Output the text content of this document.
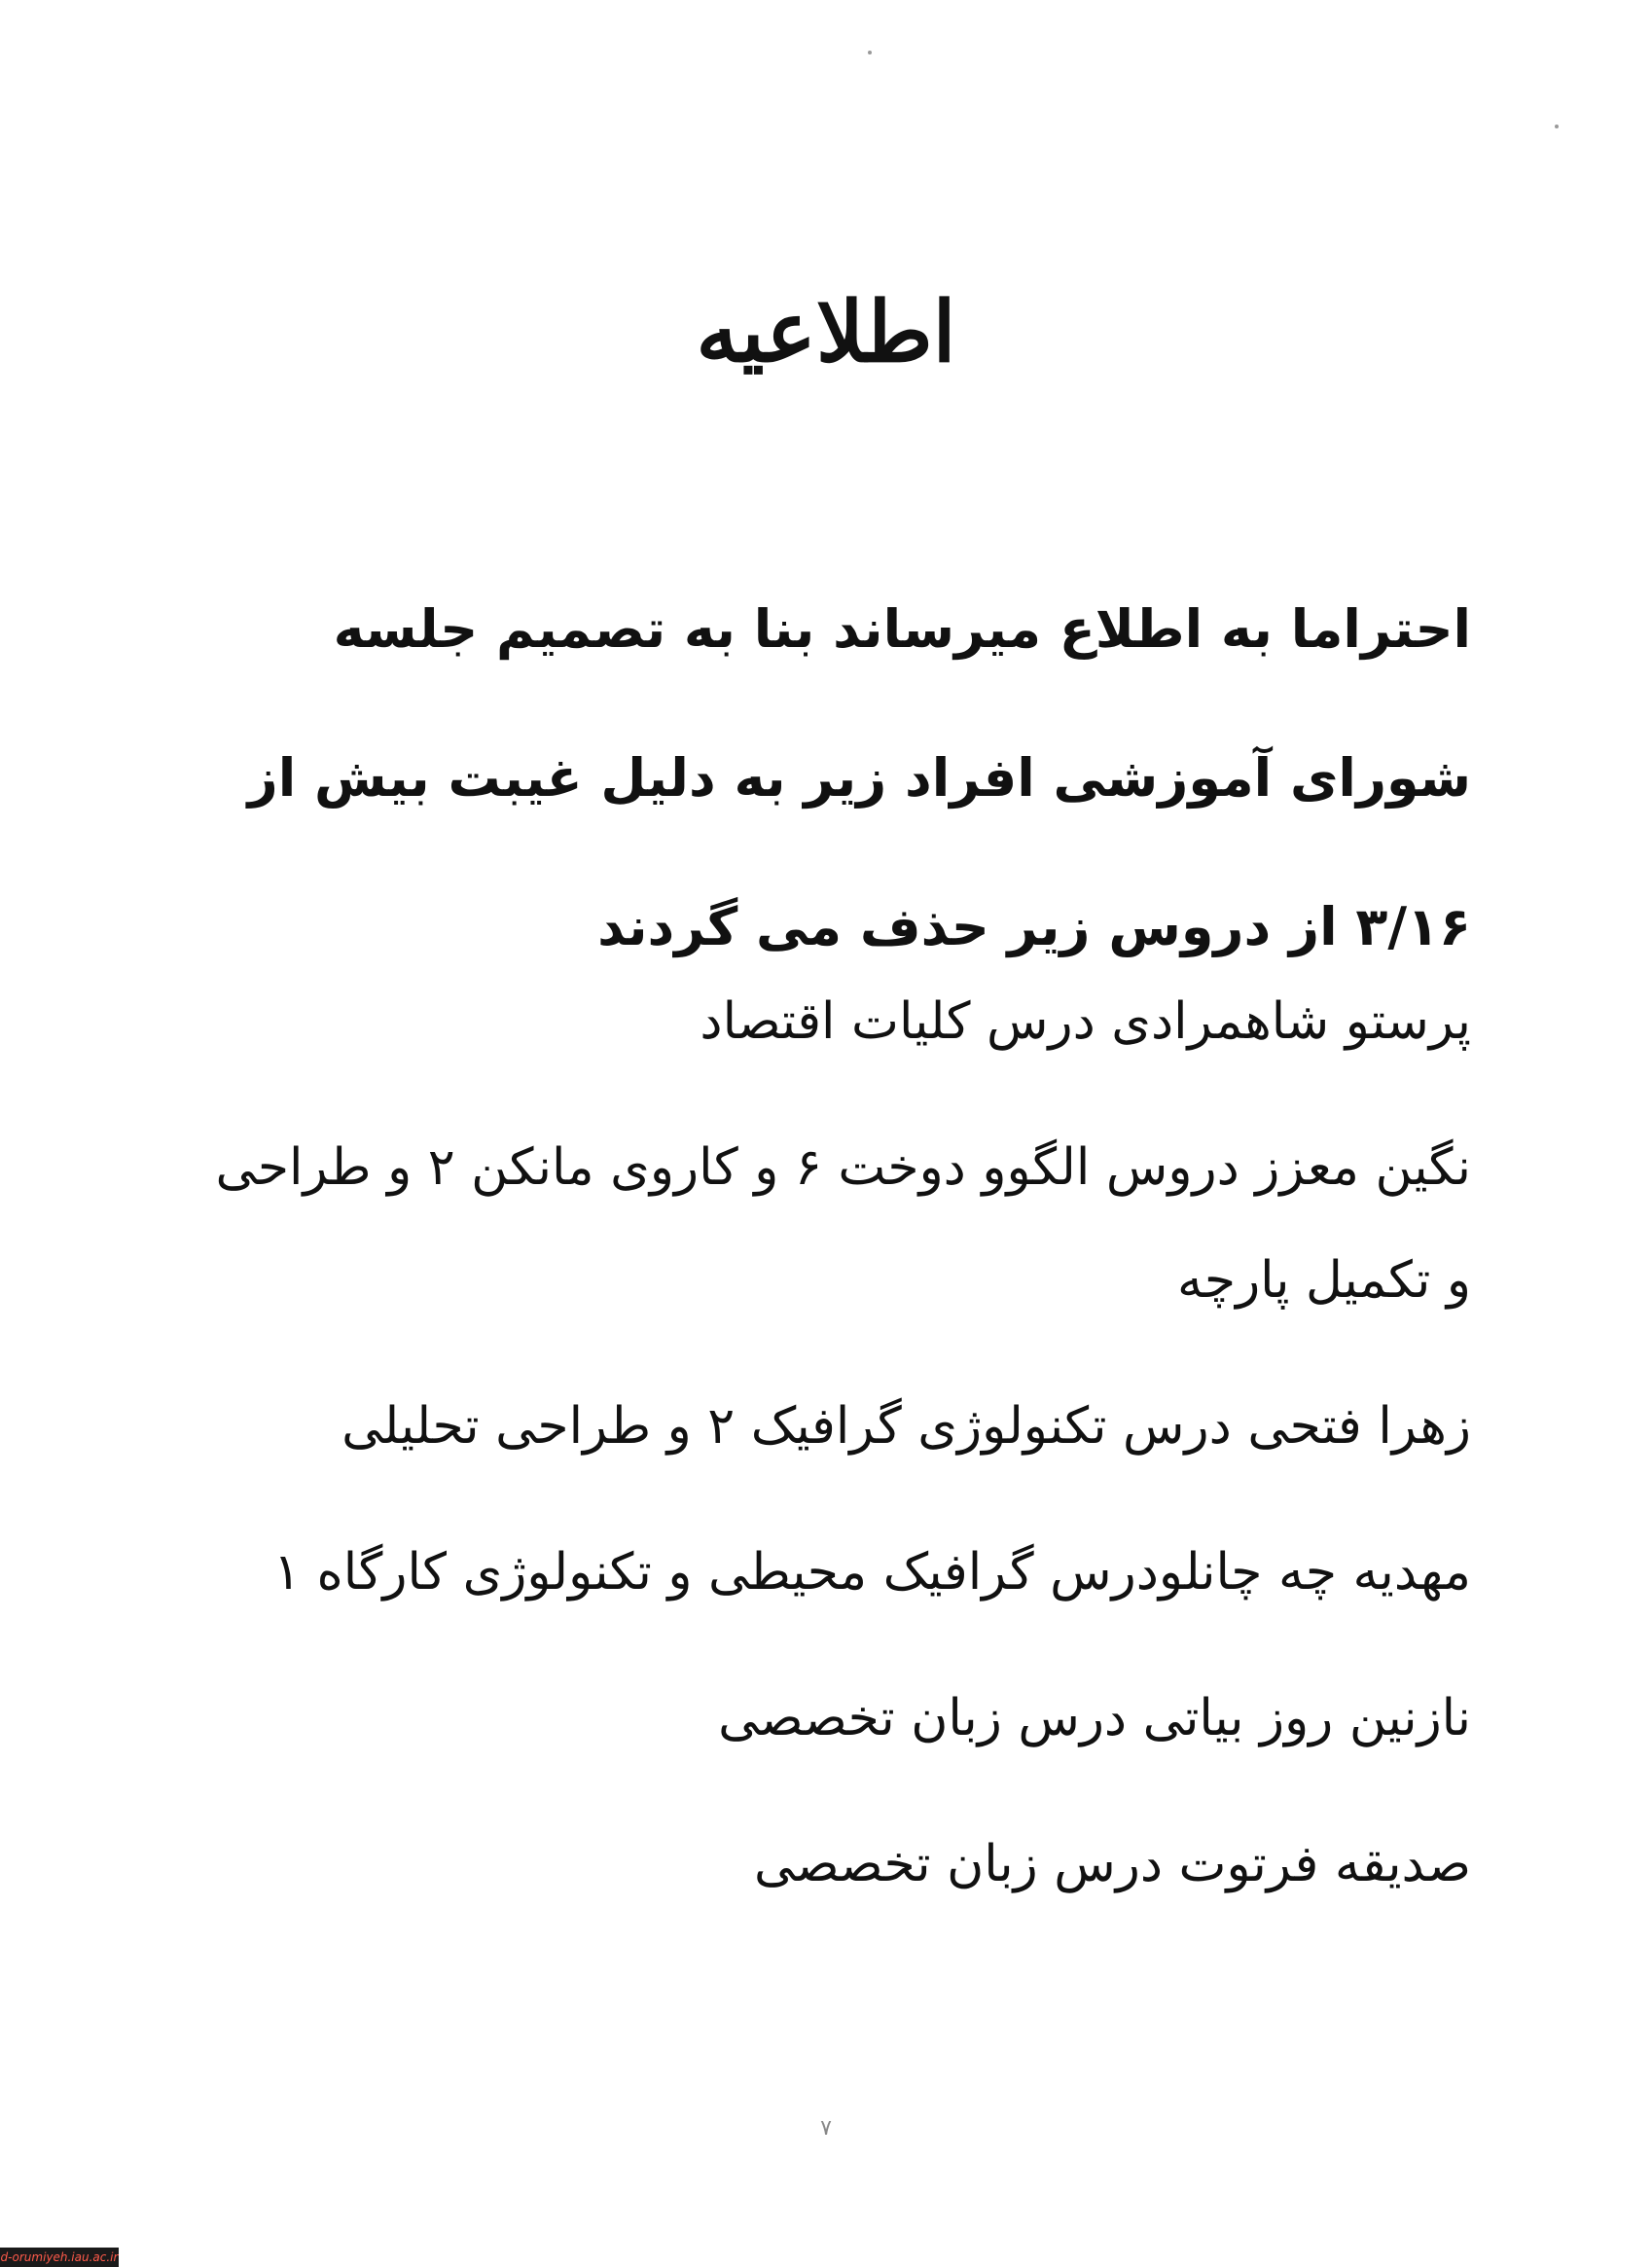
اطلاعیه

احتراما به اطلاع میرساند بنا به تصمیم جلسه شورای آموزشی افراد زیر به دلیل غیبت بیش از ۳/۱۶ از دروس زیر حذف می گردند

پرستو شاهمرادی درس کلیات اقتصاد

نگین معزز دروس الگوو دوخت ۶ و کاروی مانکن ۲ و طراحی و تکمیل پارچه

زهرا فتحی درس تکنولوژی گرافیک ۲ و طراحی تحلیلی

مهدیه چه چانلودرس گرافیک محیطی و تکنولوژی کارگاه ۱

نازنین روز بیاتی درس زبان تخصصی

صدیقه فرتوت درس زبان تخصصی

۷
d-orumiyeh.iau.ac.ir
